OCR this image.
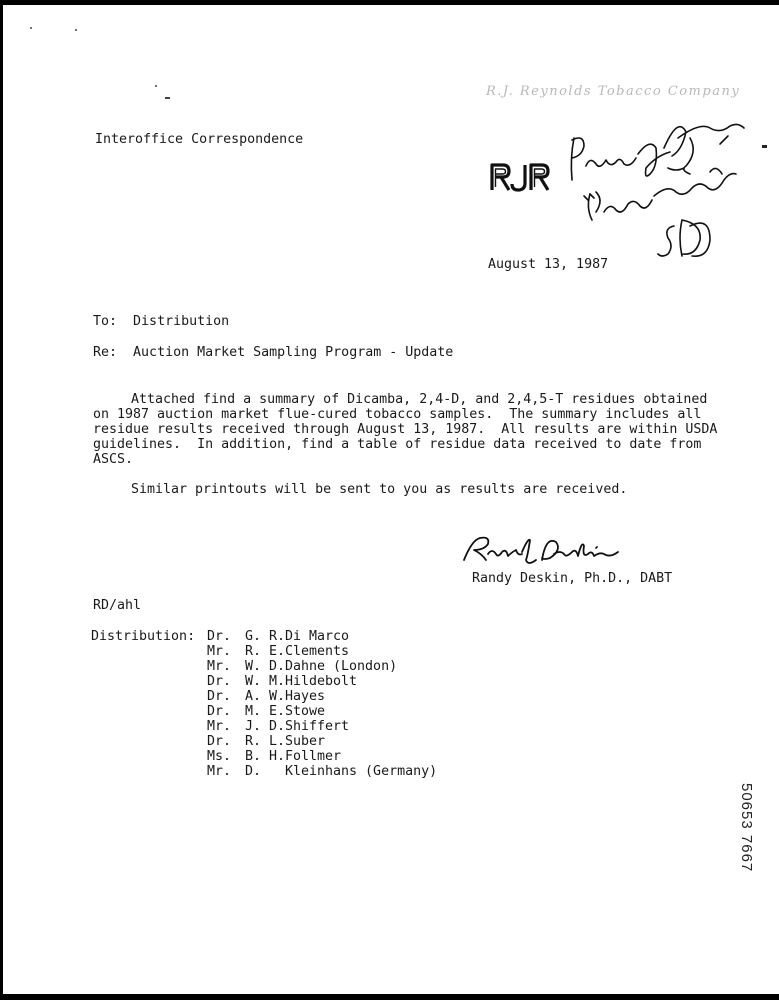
R.J. Reynolds Tobacco Company
Interoffice Correspondence
August 13, 1987
To: Distribution
Re: Auction Market Sampling Program - Update
Attached find a summary of Dicamba, 2,4-D, and 2,4,5-T residues obtained
on 1987 auction market flue-cured tobacco samples.  The summary includes all
residue results received through August 13, 1987.  All results are within USDA
guidelines.  In addition, find a table of residue data received to date from
ASCS.
Similar printouts will be sent to you as results are received.
Randy Deskin, Ph.D., DABT
RD/ahl
Distribution: Dr. G. R.Di Marco
Mr. R. E.Clements
Mr. W. D.Dahne (London)
Dr. W. M.Hildebolt
Dr. A. W.Hayes
Dr. M. E.Stowe
Mr. J. D.Shiffert
Dr. R. L.Suber
Ms. B. H.Follmer
Mr. D. Kleinhans (Germany)
50653 7667
